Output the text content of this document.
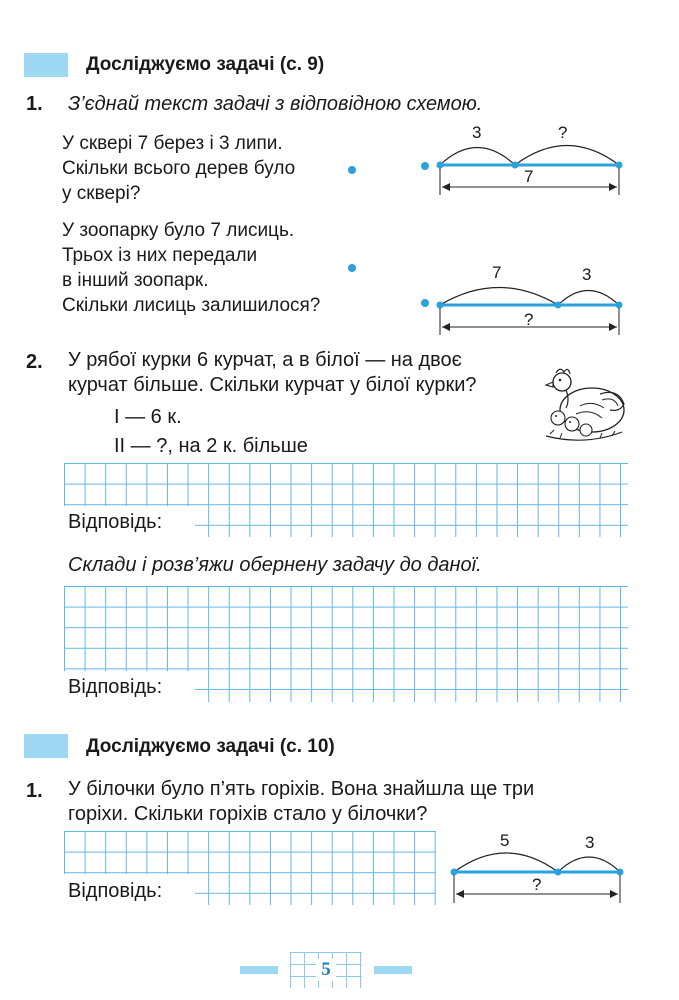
Досліджуємо задачі (с. 9)
1. З’єднай текст задачі з відповідною схемою.
У сквері 7 берез і 3 липи.
Скільки всього дерев було
у сквері?
У зоопарку було 7 лисиць.
Трьох із них передали
в інший зоопарк.
Скільки лисиць залишилося?
3	?
7
7	3
?
2. У рябої курки 6 курчат, а в білої — на двоє
курчат більше. Скільки курчат у білої курки?
I — 6 к.
II — ?, на 2 к. більше
Відповідь:
Склади і розв’яжи обернену задачу до даної.
Відповідь:
Досліджуємо задачі (с. 10)
1. У білочки було п’ять горіхів. Вона знайшла ще три
горіхи. Скільки горіхів стало у білочки?
Відповідь:
5	3
?
5
